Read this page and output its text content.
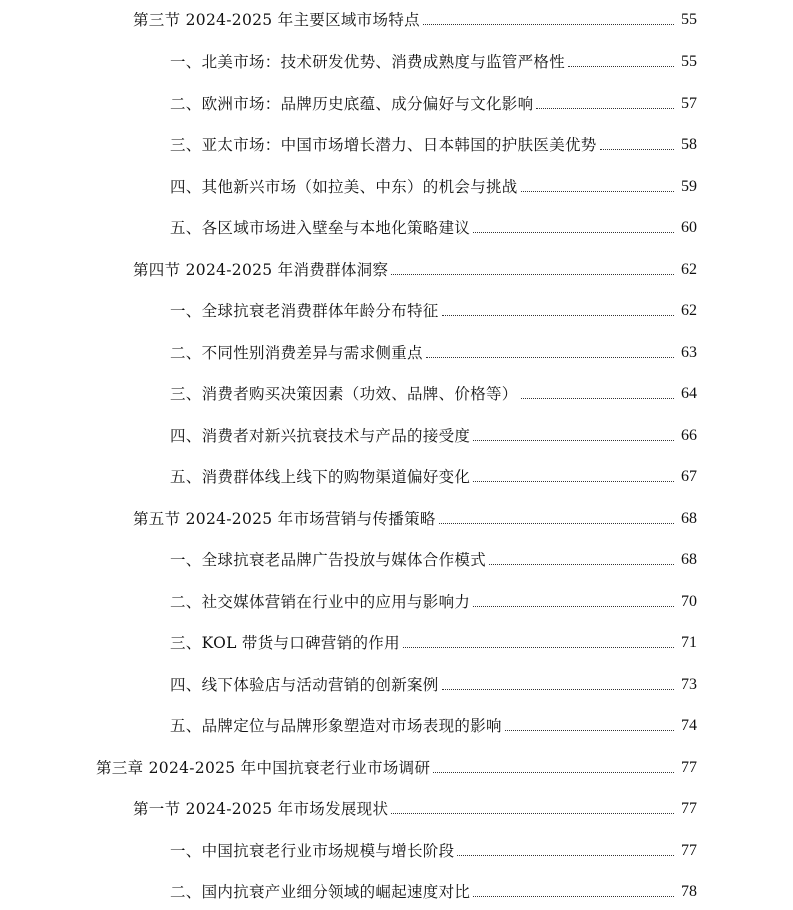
第三节 2024-2025 年主要区域市场特点	55
一、北美市场：技术研发优势、消费成熟度与监管严格性	55
二、欧洲市场：品牌历史底蕴、成分偏好与文化影响	57
三、亚太市场：中国市场增长潜力、日本韩国的护肤医美优势	58
四、其他新兴市场（如拉美、中东）的机会与挑战	59
五、各区域市场进入壁垒与本地化策略建议	60
第四节 2024-2025 年消费群体洞察	62
一、全球抗衰老消费群体年龄分布特征	62
二、不同性别消费差异与需求侧重点	63
三、消费者购买决策因素（功效、品牌、价格等）	64
四、消费者对新兴抗衰技术与产品的接受度	66
五、消费群体线上线下的购物渠道偏好变化	67
第五节 2024-2025 年市场营销与传播策略	68
一、全球抗衰老品牌广告投放与媒体合作模式	68
二、社交媒体营销在行业中的应用与影响力	70
三、KOL 带货与口碑营销的作用	71
四、线下体验店与活动营销的创新案例	73
五、品牌定位与品牌形象塑造对市场表现的影响	74
第三章 2024-2025 年中国抗衰老行业市场调研	77
第一节 2024-2025 年市场发展现状	77
一、中国抗衰老行业市场规模与增长阶段	77
二、国内抗衰产业细分领域的崛起速度对比	78
